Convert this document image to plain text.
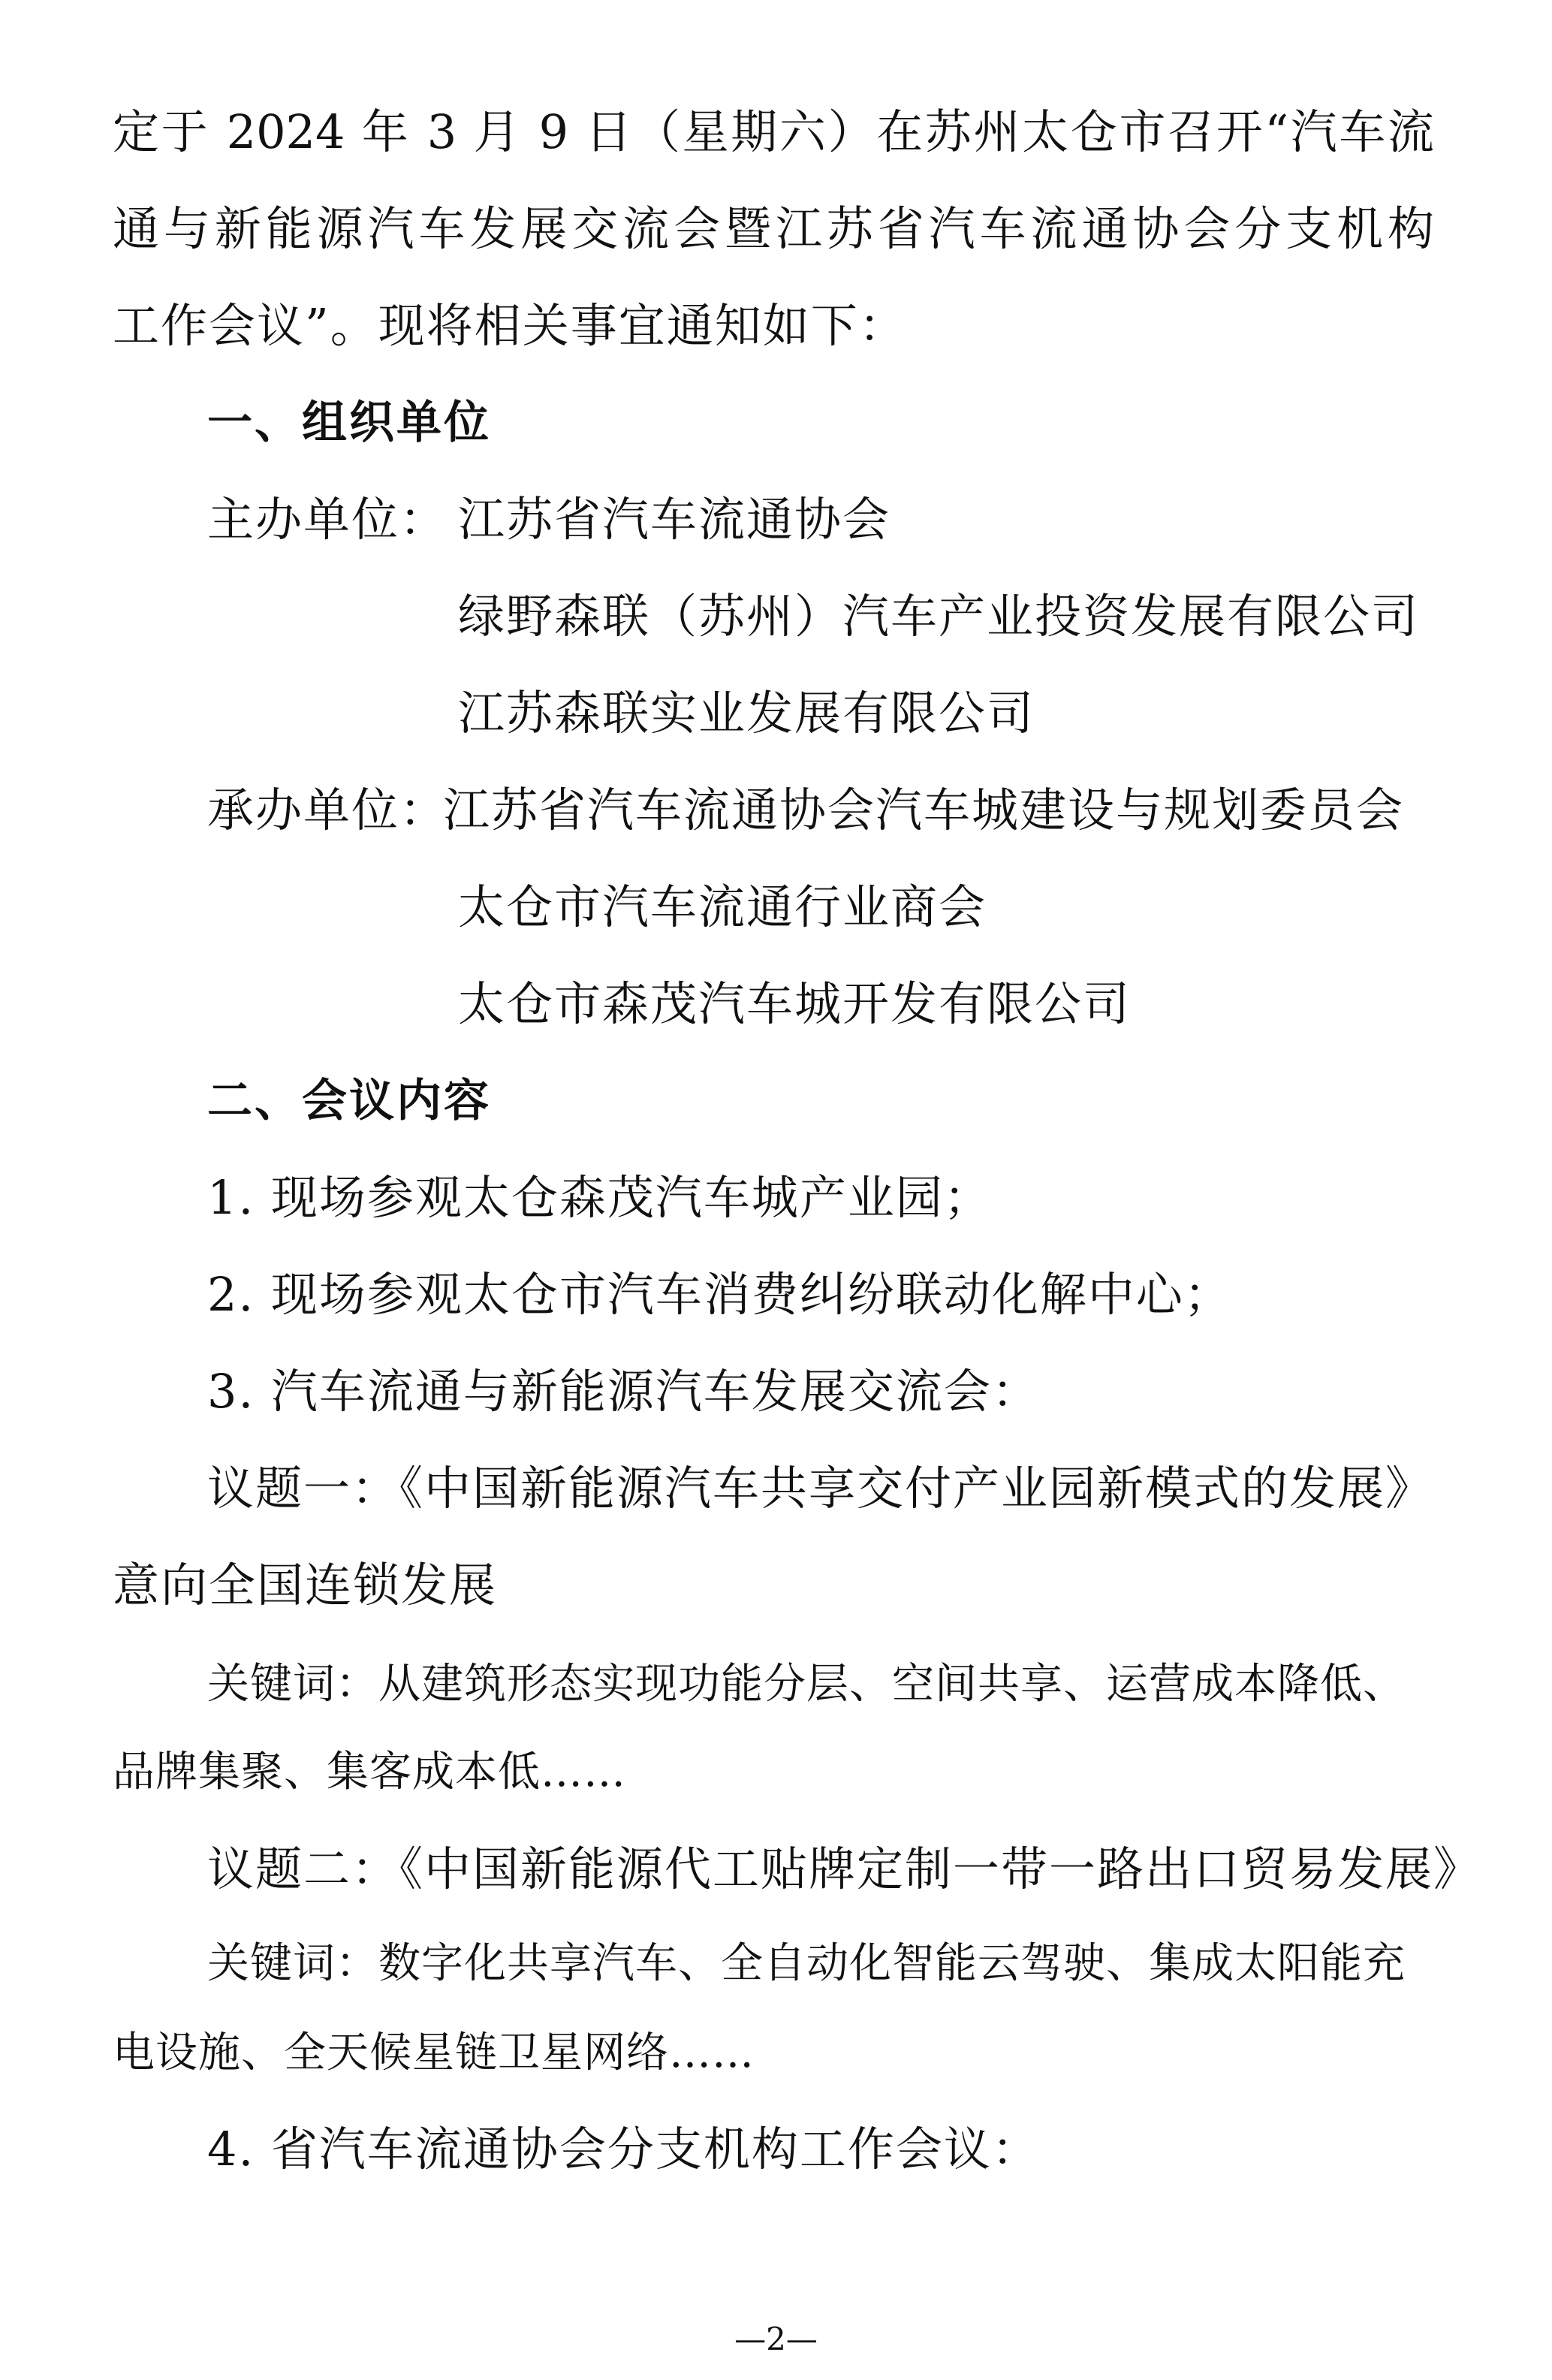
定于 2024 年 3 月 9 日（星期六）在苏州太仓市召开“汽车流
通与新能源汽车发展交流会暨江苏省汽车流通协会分支机构
工作会议”。现将相关事宜通知如下：
一、组织单位
主办单位： 江苏省汽车流通协会
绿野森联（苏州）汽车产业投资发展有限公司
江苏森联实业发展有限公司
承办单位：
江苏省汽车流通协会汽车城建设与规划委员会
太仓市汽车流通行业商会
太仓市森茂汽车城开发有限公司
二、会议内容
1. 现场参观太仓森茂汽车城产业园；
2. 现场参观太仓市汽车消费纠纷联动化解中心；
3. 汽车流通与新能源汽车发展交流会：
议题一：《中国新能源汽车共享交付产业园新模式的发展》
意向全国连锁发展
关键词：从建筑形态实现功能分层、空间共享、运营成本降低、
品牌集聚、集客成本低……
议题二：《中国新能源代工贴牌定制一带一路出口贸易发展》
关键词：数字化共享汽车、全自动化智能云驾驶、集成太阳能充
电设施、全天候星链卫星网络……
4. 省汽车流通协会分支机构工作会议：
—2—
